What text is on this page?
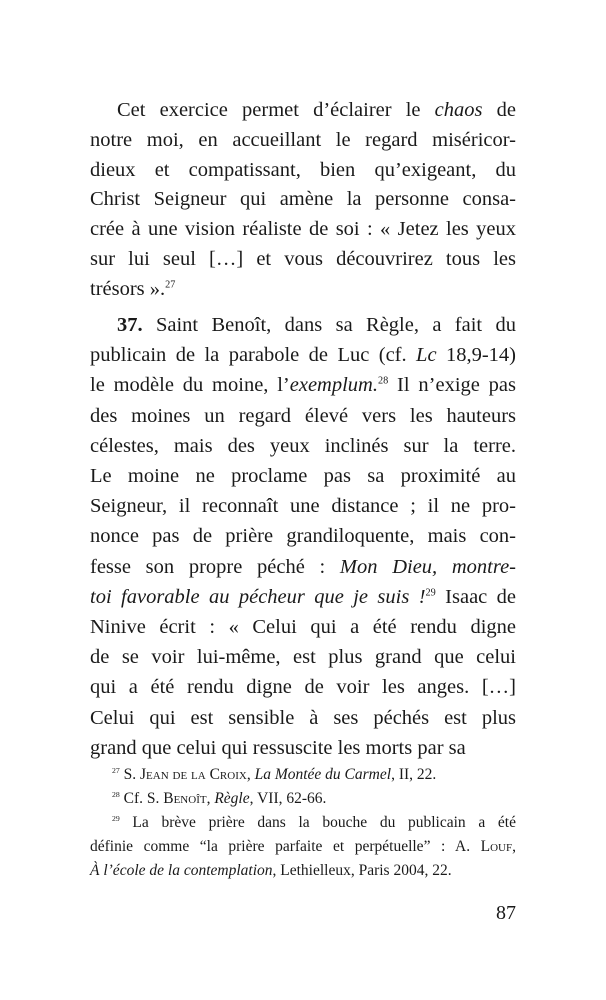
Cet exercice permet d’éclairer le chaos de
notre moi, en accueillant le regard miséricor-
dieux et compatissant, bien qu’exigeant, du
Christ Seigneur qui amène la personne consa-
crée à une vision réaliste de soi : « Jetez les yeux
sur lui seul […] et vous découvrirez tous les
trésors ».$^{27}$
37. Saint Benoît, dans sa Règle, a fait du
publicain de la parabole de Luc (cf. Lc 18,9-14)
le modèle du moine, l’exemplum.$^{28}$ Il n’exige pas
des moines un regard élevé vers les hauteurs
célestes, mais des yeux inclinés sur la terre.
Le moine ne proclame pas sa proximité au
Seigneur, il reconnaît une distance ; il ne pro-
nonce pas de prière grandiloquente, mais con-
fesse son propre péché : Mon Dieu, montre-
toi favorable au pécheur que je suis !$^{29}$ Isaac de
Ninive écrit : « Celui qui a été rendu digne
de se voir lui-même, est plus grand que celui
qui a été rendu digne de voir les anges. […]
Celui qui est sensible à ses péchés est plus
grand que celui qui ressuscite les morts par sa
$^{27}$ S. Jean de la Croix, La Montée du Carmel, II, 22.
$^{28}$ Cf. S. Benoît, Règle, VII, 62-66.
$^{29}$ La brève prière dans la bouche du publicain a été
définie comme “la prière parfaite et perpétuelle” : A. Louf,
À l’école de la contemplation, Lethielleux, Paris 2004, 22.
87
